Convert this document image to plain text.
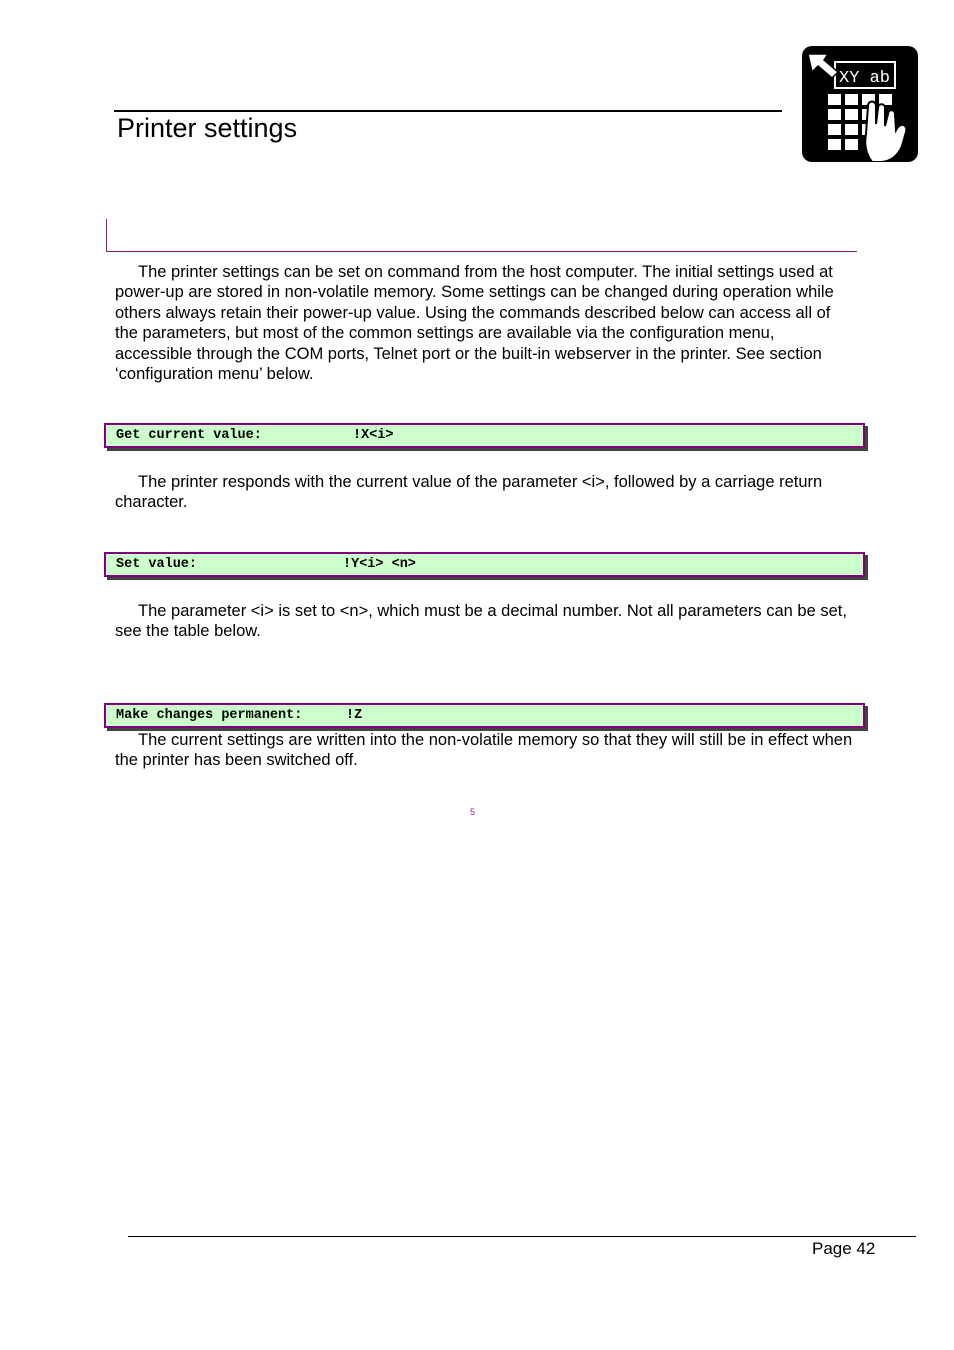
Printer settings
XY ab
The printer settings can be set on command from the host computer. The initial settings used at power-up are stored in non-volatile memory. Some settings can be changed during operation while others always retain their power-up value. Using the commands described below can access all of the parameters, but most of the common settings are available via the configuration menu, accessible through the COM ports, Telnet port or the built-in webserver in the printer. See section ‘configuration menu’ below.
Get current value:	!X<i>
The printer responds with the current value of the parameter <i>, followed by a carriage return character.
Set value:	!Y<i> <n>
The parameter <i> is set to <n>, which must be a decimal number. Not all parameters can be set, see the table below.
Make changes permanent:	!Z
The current settings are written into the non-volatile memory so that they will still be in effect when the printer has been switched off.
5
Page 42
